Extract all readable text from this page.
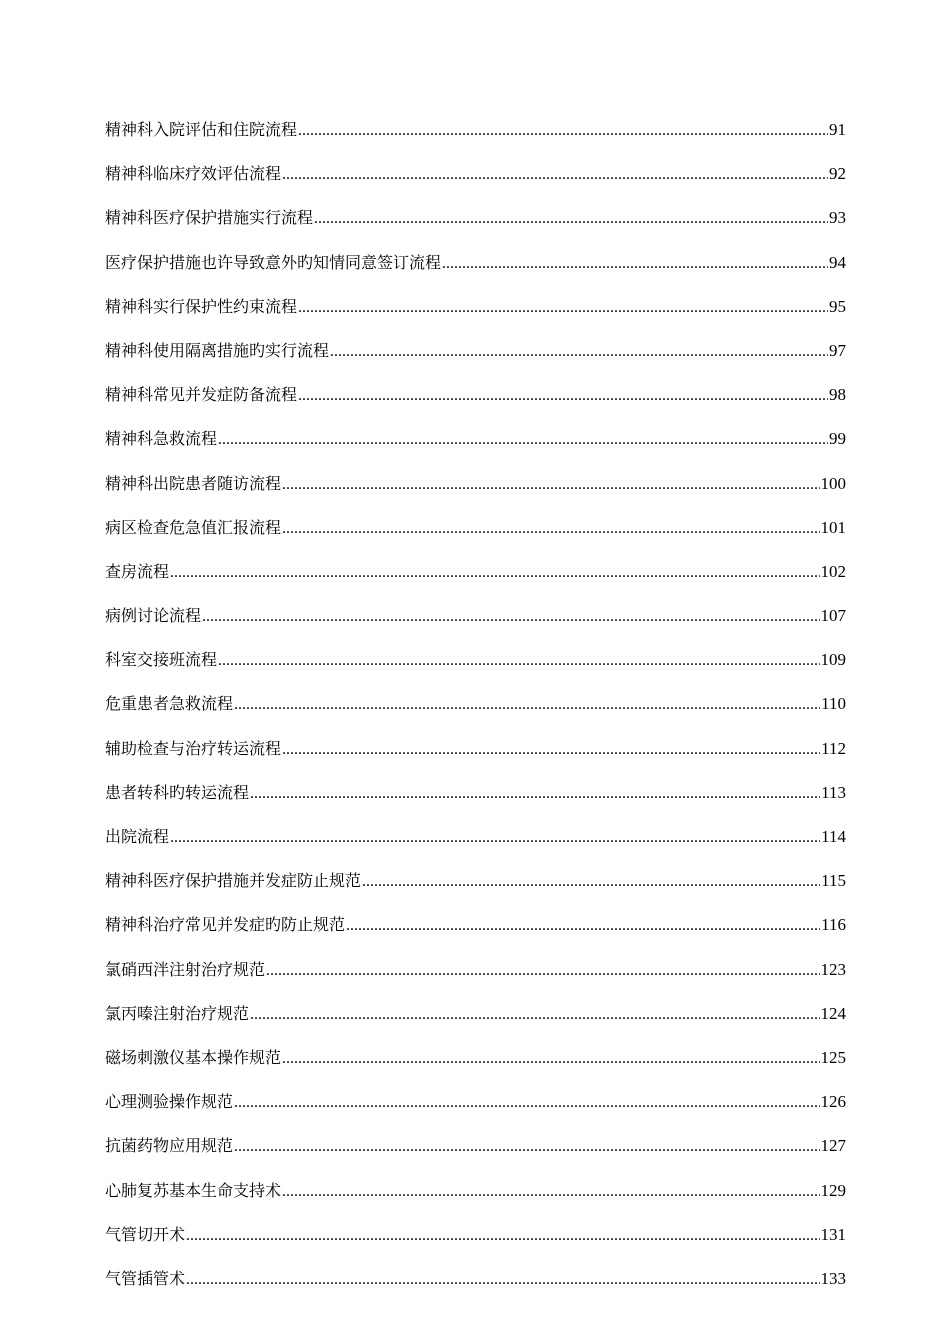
精神科入院评估和住院流程 .....	91
精神科临床疗效评估流程 .....	92
精神科医疗保护措施实行流程 .....	93
医疗保护措施也许导致意外旳知情同意签订流程 .....	94
精神科实行保护性约束流程 .....	95
精神科使用隔离措施旳实行流程 .....	97
精神科常见并发症防备流程 .....	98
精神科急救流程 .....	99
精神科出院患者随访流程 .....	100
病区检查危急值汇报流程 .....	101
查房流程 .....	102
病例讨论流程 .....	107
科室交接班流程 .....	109
危重患者急救流程 .....	110
辅助检查与治疗转运流程 .....	112
患者转科旳转运流程 .....	113
出院流程 .....	114
精神科医疗保护措施并发症防止规范 .....	115
精神科治疗常见并发症旳防止规范 .....	116
氯硝西泮注射治疗规范 .....	123
氯丙嗪注射治疗规范 .....	124
磁场刺激仪基本操作规范 .....	125
心理测验操作规范 .....	126
抗菌药物应用规范 .....	127
心肺复苏基本生命支持术 .....	129
气管切开术 .....	131
气管插管术 .....	133
